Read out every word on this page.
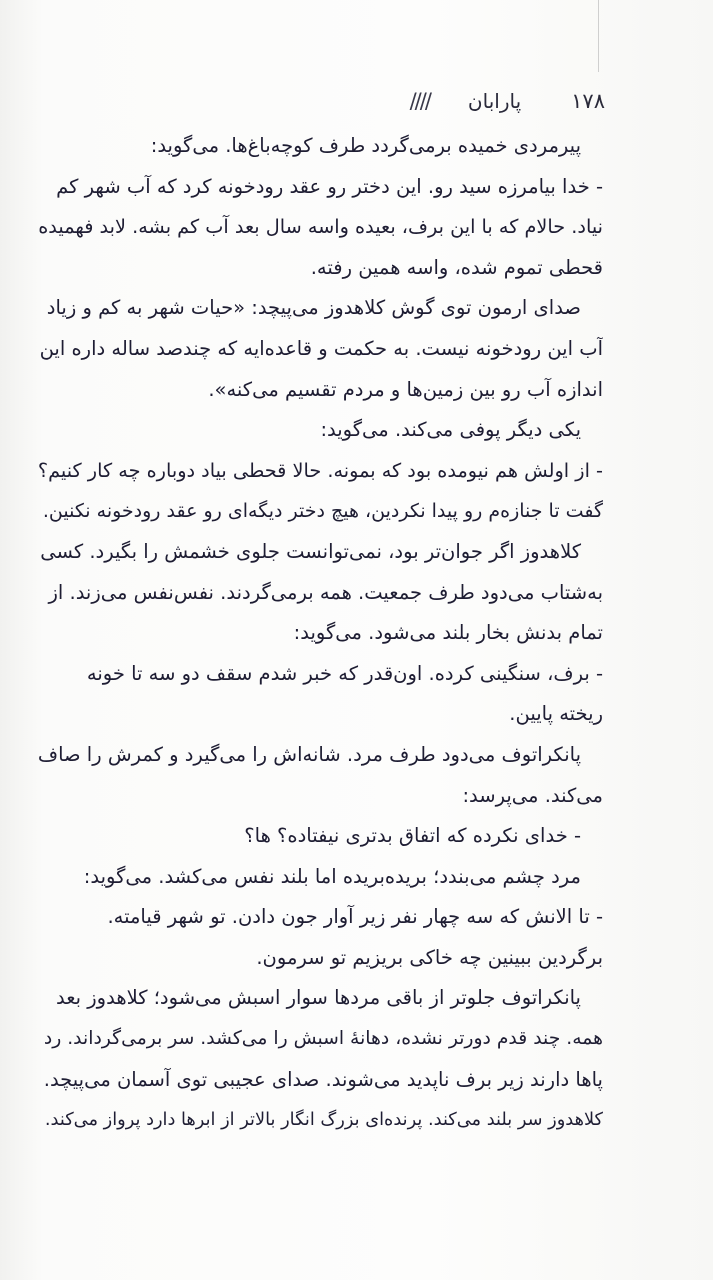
۱۷۸
پارابان
////
پیرمردی خمیده برمی‌گردد طرف کوچه‌باغ‌ها. می‌گوید:
- خدا بیامرزه سید رو. این دختر رو عقد رودخونه کرد که آب شهر کم
نیاد. حالام که با این برف، بعیده واسه سال بعد آب کم بشه. لابد فهمیده
قحطی تموم شده، واسه همین رفته.
صدای ارمون توی گوش کلاهدوز می‌پیچد: «حیات شهر به کم و زیاد
آب این رودخونه نیست. به حکمت و قاعده‌ایه که چندصد ساله داره این
اندازه آب رو بین زمین‌ها و مردم تقسیم می‌کنه».
یکی دیگر پوفی می‌کند. می‌گوید:
- از اولش هم نیومده بود که بمونه. حالا قحطی بیاد دوباره چه کار کنیم؟
گفت تا جنازه‌م رو پیدا نکردین، هیچ دختر دیگه‌ای رو عقد رودخونه نکنین.
کلاهدوز اگر جوان‌تر بود، نمی‌توانست جلوی خشمش را بگیرد. کسی
به‌شتاب می‌دود طرف جمعیت. همه برمی‌گردند. نفس‌نفس می‌زند. از
تمام بدنش بخار بلند می‌شود. می‌گوید:
- برف، سنگینی کرده. اون‌قدر که خبر شدم سقف دو سه تا خونه
ریخته پایین.
پانکراتوف می‌دود طرف مرد. شانه‌اش را می‌گیرد و کمرش را صاف
می‌کند. می‌پرسد:
- خدای نکرده که اتفاق بدتری نیفتاده؟ ها؟
مرد چشم می‌بندد؛ بریده‌بریده اما بلند نفس می‌کشد. می‌گوید:
- تا الانش که سه چهار نفر زیر آوار جون دادن. تو شهر قیامته.
برگردین ببینین چه خاکی بریزیم تو سرمون.
پانکراتوف جلوتر از باقی مردها سوار اسبش می‌شود؛ کلاهدوز بعد
همه. چند قدم دورتر نشده، دهانهٔ اسبش را می‌کشد. سر برمی‌گرداند. رد
پاها دارند زیر برف ناپدید می‌شوند. صدای عجیبی توی آسمان می‌پیچد.
کلاهدوز سر بلند می‌کند. پرنده‌ای بزرگ انگار بالاتر از ابرها دارد پرواز می‌کند.
